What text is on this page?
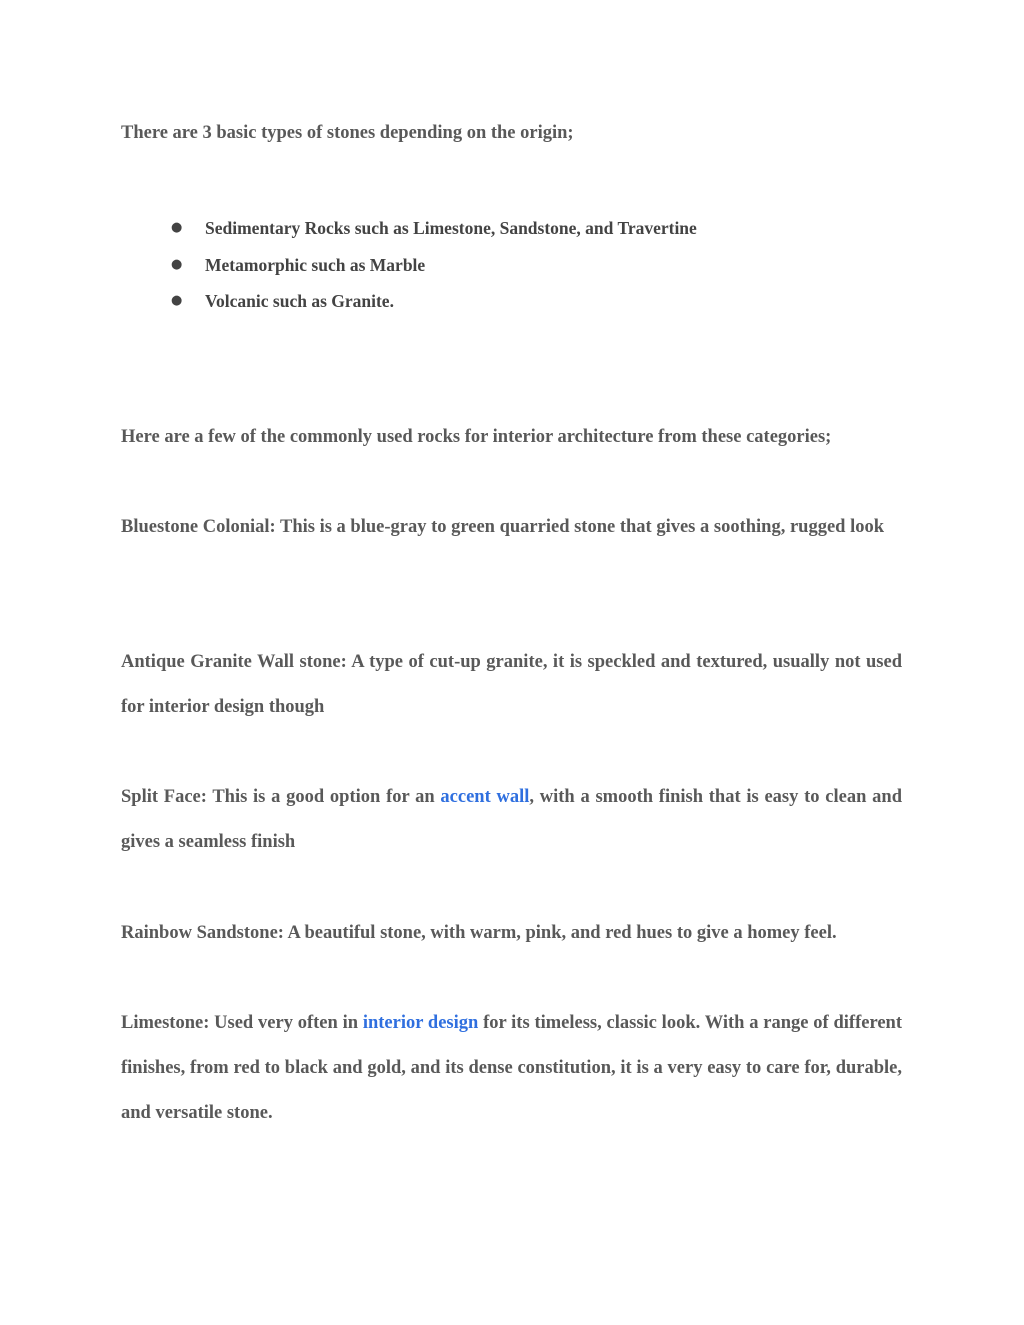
There are 3 basic types of stones depending on the origin;
● Sedimentary Rocks such as Limestone, Sandstone, and Travertine
● Metamorphic such as Marble
● Volcanic such as Granite.
Here are a few of the commonly used rocks for interior architecture from these categories;
Bluestone Colonial: This is a blue-gray to green quarried stone that gives a soothing, rugged look
Antique Granite Wall stone: A type of cut-up granite, it is speckled and textured, usually not used for interior design though
Split Face: This is a good option for an accent wall, with a smooth finish that is easy to clean and gives a seamless finish
Rainbow Sandstone: A beautiful stone, with warm, pink, and red hues to give a homey feel.
Limestone: Used very often in interior design for its timeless, classic look. With a range of different finishes, from red to black and gold, and its dense constitution, it is a very easy to care for, durable, and versatile stone.
